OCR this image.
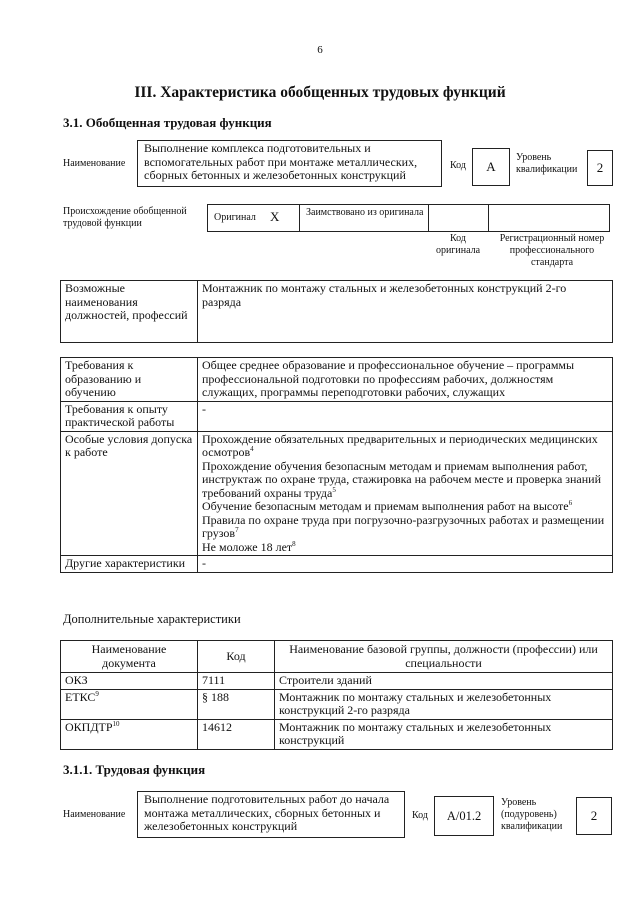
6
III. Характеристика обобщенных трудовых функций
3.1. Обобщенная трудовая функция
Наименование
Выполнение комплекса подготовительных и вспомогательных работ при монтаже металлических, сборных бетонных и железобетонных конструкций
Код	A
Уровень квалификации	2
Происхождение обобщенной трудовой функции
Оригинал X	Заимствовано из оригинала
Код оригинала
Регистрационный номер профессионального стандарта
Возможные наименования должностей, профессий	Монтажник по монтажу стальных и железобетонных конструкций 2-го разряда
Требования к образованию и обучению	Общее среднее образование и профессиональное обучение – программы профессиональной подготовки по профессиям рабочих, должностям служащих, программы переподготовки рабочих, служащих
Требования к опыту практической работы	-
Особые условия допуска к работе	Прохождение обязательных предварительных и периодических медицинских осмотров$^4$
Прохождение обучения безопасным методам и приемам выполнения работ, инструктаж по охране труда, стажировка на рабочем месте и проверка знаний требований охраны труда$^5$
Обучение безопасным методам и приемам выполнения работ на высоте$^6$
Правила по охране труда при погрузочно-разгрузочных работах и размещении грузов$^7$
Не моложе 18 лет$^8$

Другие характеристики	-
Дополнительные характеристики
Наименование документа	Код	Наименование базовой группы, должности (профессии) или специальности
ОКЗ	7111	Строители зданий
ЕТКС$^9$	§ 188	Монтажник по монтажу стальных и железобетонных конструкций 2-го разряда
ОКПДТР$^{10}$	14612	Монтажник по монтажу стальных и железобетонных конструкций
3.1.1. Трудовая функция
Наименование
Выполнение подготовительных работ до начала монтажа металлических, сборных бетонных и железобетонных конструкций
Код	A/01.2
Уровень (подуровень) квалификации
2
